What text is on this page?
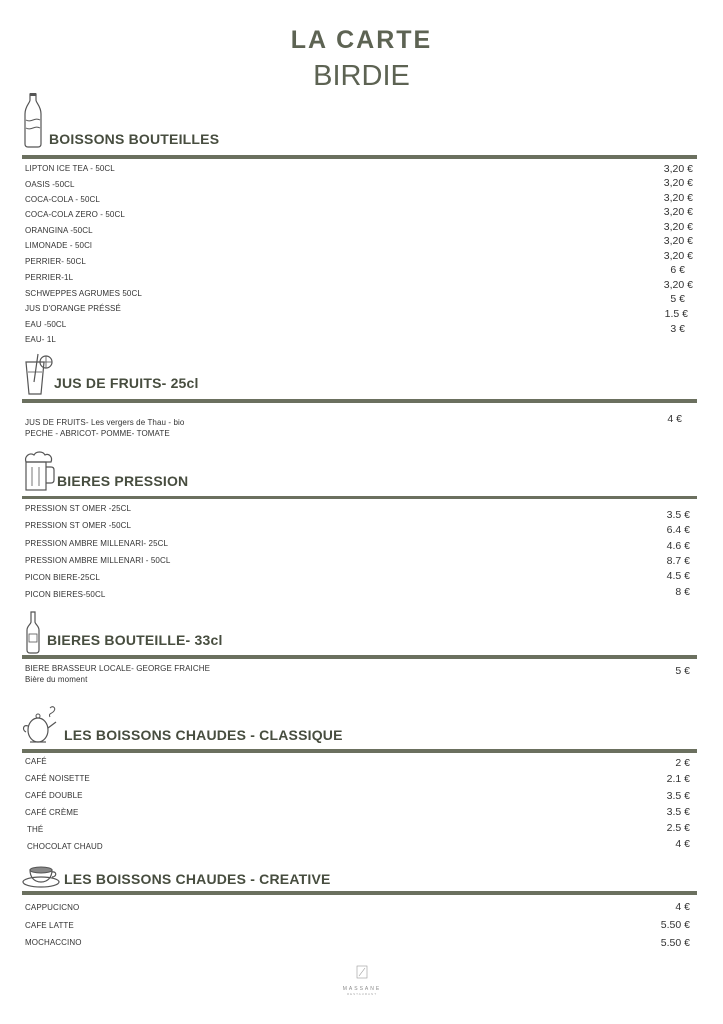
LA CARTE
BIRDIE
BOISSONS BOUTEILLES
LIPTON ICE TEA - 50CL
OASIS -50CL
COCA-COLA - 50CL
COCA-COLA ZERO - 50CL
ORANGINA -50CL
LIMONADE - 50Cl
PERRIER- 50CL
PERRIER-1L
SCHWEPPES AGRUMES 50CL
JUS D'ORANGE PRÉSSÉ
EAU -50CL
EAU- 1L
3,20 €
3,20 €
3,20 €
3,20 €
3,20 €
3,20 €
3,20 €
6 €
3,20 €
5 €
1.5 €
3 €
JUS DE FRUITS- 25cl
JUS DE FRUITS- Les vergers de Thau - bio
PECHE - ABRICOT- POMME- TOMATE
4 €
BIERES PRESSION
PRESSION ST OMER -25CL
PRESSION ST OMER -50CL
PRESSION AMBRE MILLENARI- 25CL
PRESSION AMBRE MILLENARI - 50CL
PICON BIERE-25CL
PICON BIERES-50CL
3.5 €
6.4 €
4.6 €
8.7 €
4.5 €
8 €
BIERES BOUTEILLE- 33cl
BIERE BRASSEUR LOCALE- GEORGE FRAICHE
Bière du moment
5 €
LES BOISSONS CHAUDES - CLASSIQUE
CAFÉ
CAFÉ NOISETTE
CAFÉ DOUBLE
CAFÉ CRÈME
THÉ
CHOCOLAT CHAUD
2 €
2.1 €
3.5 €
3.5 €
2.5 €
4 €
LES BOISSONS CHAUDES - CREATIVE
CAPPUCICNO
CAFE LATTE
MOCHACCINO
4 €
5.50 €
5.50 €
MASSANE
RESTAURANT
